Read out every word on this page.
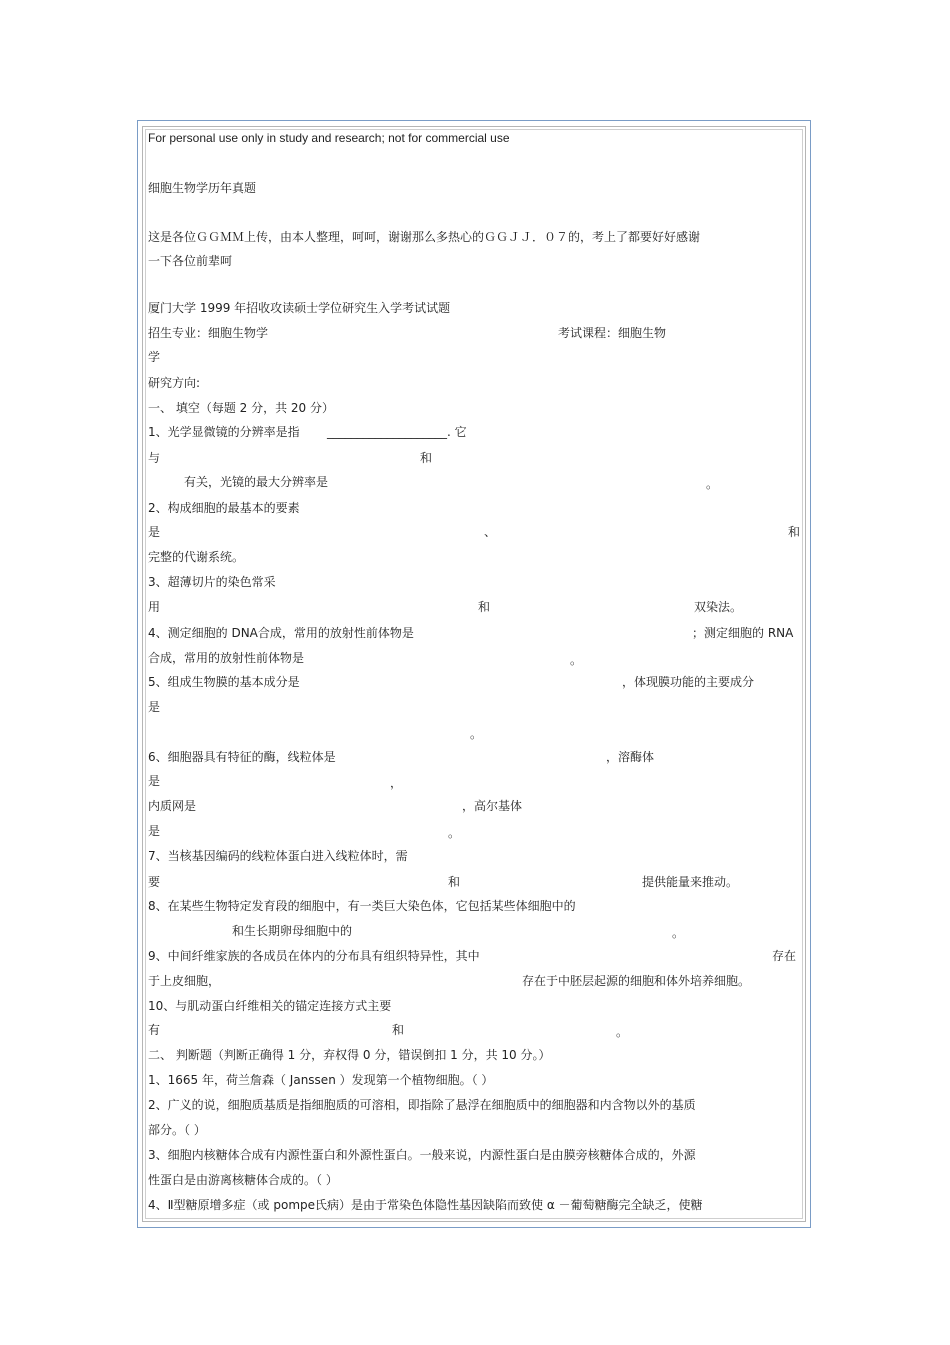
For personal use only in study and research; not for commercial use
细胞生物学历年真题
这是各位ＧＧＭＭ上传，由本人整理，呵呵，谢谢那么多热心的ＧＧＪＪ．０７的，考上了都要好好感谢
一下各位前辈呵
厦门大学 1999 年招收攻读硕士学位研究生入学考试试题
招生专业：细胞生物学	考试课程：细胞生物
学
研究方向:
一、 填空（每题 2 分，共 20 分）
1、光学显微镜的分辨率是指 ____________________. 它
与	和
有关，光镜的最大分辨率是	。
2、构成细胞的最基本的要素
是	、	和
完整的代谢系统。
3、超薄切片的染色常采
用	和	双染法。
4、测定细胞的 DNA合成，常用的放射性前体物是	；测定细胞的 RNA
合成，常用的放射性前体物是	。
5、组成生物膜的基本成分是	，体现膜功能的主要成分
是
。
6、细胞器具有特征的酶，线粒体是	，溶酶体
是	，
内质网是	，高尔基体
是	。
7、当核基因编码的线粒体蛋白进入线粒体时，需
要	和	提供能量来推动。
8、在某些生物特定发育段的细胞中，有一类巨大染色体，它包括某些体细胞中的
和生长期卵母细胞中的	。
9、中间纤维家族的各成员在体内的分布具有组织特异性，其中	存在
于上皮细胞，	存在于中胚层起源的细胞和体外培养细胞。
10、与肌动蛋白纤维相关的锚定连接方式主要
有	和	。
二、 判断题（判断正确得 1 分，弃权得 0 分，错误倒扣 1 分，共 10 分。）
1、1665 年，荷兰詹森（ Janssen ）发现第一个植物细胞。（ ）
2、广义的说，细胞质基质是指细胞质的可溶相，即指除了悬浮在细胞质中的细胞器和内含物以外的基质
部分。（ ）
3、细胞内核糖体合成有内源性蛋白和外源性蛋白。一般来说，内源性蛋白是由膜旁核糖体合成的，外源
性蛋白是由游离核糖体合成的。（ ）
4、Ⅱ型糖原增多症（或 pompe氏病）是由于常染色体隐性基因缺陷而致使 α －葡萄糖酶完全缺乏，使糖
